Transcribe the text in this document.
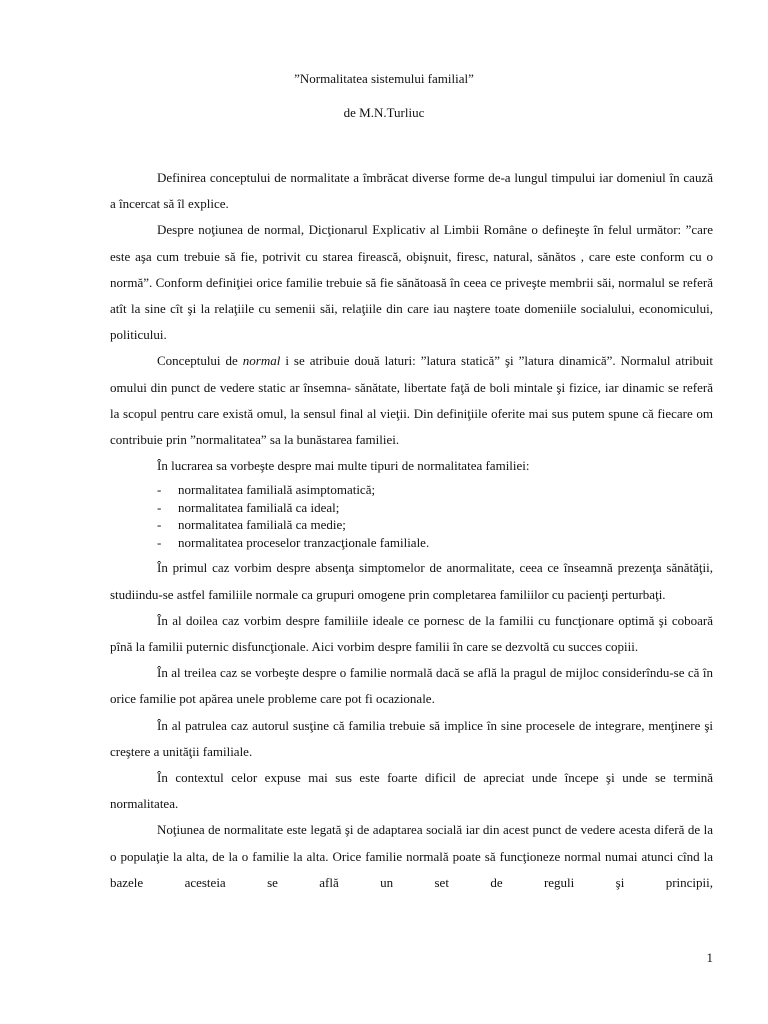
”Normalitatea sistemului familial”
de M.N.Turliuc

Definirea conceptului de normalitate a îmbrăcat diverse forme de-a lungul timpului iar domeniul în cauză a încercat să îl explice.

Despre noţiunea de normal, Dicţionarul Explicativ al Limbii Române o defineşte în felul următor: ”care este aşa cum trebuie să fie, potrivit cu starea firească, obişnuit, firesc, natural, sănătos , care este conform cu o normă”. Conform definiţiei orice familie trebuie să fie sănătoasă în ceea ce priveşte membrii săi, normalul se referă atît la sine cît şi la relaţiile cu semenii săi, relaţiile din care iau naştere toate domeniile socialului, economicului, politicului.

Conceptului de normal i se atribuie două laturi: ”latura statică” şi ”latura dinamică”. Normalul atribuit omului din punct de vedere static ar însemna- sănătate, libertate faţă de boli mintale şi fizice, iar dinamic se referă la scopul pentru care există omul, la sensul final al vieţii. Din definiţiile oferite mai sus putem spune că fiecare om contribuie prin ”normalitatea” sa la bunăstarea familiei.

În lucrarea sa vorbeşte despre mai multe tipuri de normalitatea familiei:

- normalitatea familială asimptomatică;
- normalitatea familială ca ideal;
- normalitatea familială ca medie;
- normalitatea proceselor tranzacţionale familiale.

În primul caz vorbim despre absenţa simptomelor de anormalitate, ceea ce înseamnă prezenţa sănătăţii, studiindu-se astfel familiile normale ca grupuri omogene prin completarea familiilor cu pacienţi perturbaţi.

În al doilea caz vorbim despre familiile ideale ce pornesc de la familii cu funcţionare optimă şi coboară pînă la familii puternic disfuncţionale. Aici vorbim despre familii în care se dezvoltă cu succes copiii.

În al treilea caz se vorbeşte despre o familie normală dacă se află la pragul de mijloc considerîndu-se că în orice familie pot apărea unele probleme care pot fi ocazionale.

În al patrulea caz autorul susţine că familia trebuie să implice în sine procesele de integrare, menţinere şi creştere a unităţii familiale.

În contextul celor expuse mai sus este foarte dificil de apreciat unde începe şi unde se termină normalitatea.

Noţiunea de normalitate este legată şi de adaptarea socială iar din acest punct de vedere acesta diferă de la o populaţie la alta, de la o familie la alta. Orice familie normală poate să funcţioneze normal numai atunci cînd la bazele acesteia se află un set de reguli şi principii,

1
